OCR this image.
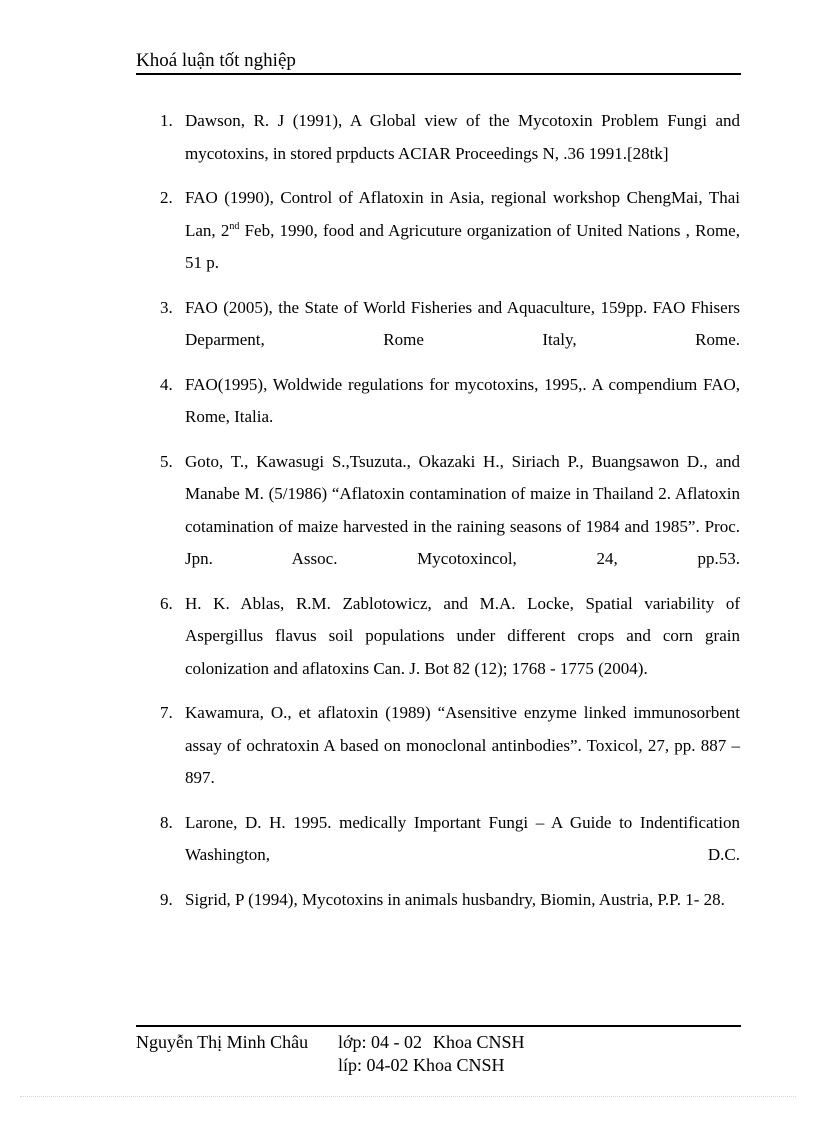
Khoá luận tốt nghiệp
1. Dawson, R. J (1991), A Global view of the Mycotoxin Problem Fungi and mycotoxins, in stored prpducts ACIAR Proceedings N, .36 1991.[28tk]
2. FAO (1990), Control of Aflatoxin in Asia, regional workshop ChengMai, Thai Lan, 2nd Feb, 1990, food and Agricuture organization of United Nations , Rome, 51 p.
3. FAO (2005), the State of World Fisheries and Aquaculture, 159pp. FAO Fhisers Deparment, Rome Italy, Rome.
4. FAO(1995), Woldwide regulations for mycotoxins, 1995,. A compendium FAO, Rome, Italia.
5. Goto, T., Kawasugi S.,Tsuzuta., Okazaki H., Siriach P., Buangsawon D., and Manabe M. (5/1986) “Aflatoxin contamination of maize in Thailand 2. Aflatoxin cotamination of maize harvested in the raining seasons of 1984 and 1985”. Proc. Jpn. Assoc. Mycotoxincol, 24, pp.53.
6. H. K. Ablas, R.M. Zablotowicz, and M.A. Locke, Spatial variability of Aspergillus flavus soil populations under different crops and corn grain colonization and aflatoxins Can. J. Bot 82 (12); 1768 - 1775 (2004).
7. Kawamura, O., et aflatoxin (1989) “Asensitive enzyme linked immunosorbent assay of ochratoxin A based on monoclonal antinbodies”. Toxicol, 27, pp. 887 – 897.
8. Larone, D. H. 1995. medically Important Fungi – A Guide to Indentification Washington, D.C.
9. Sigrid, P (1994), Mycotoxins in animals husbandry, Biomin, Austria, P.P. 1- 28.
Nguyễn Thị Minh Châu lớp: 04 - 02 Khoa CNSH
líp: 04-02 Khoa CNSH
